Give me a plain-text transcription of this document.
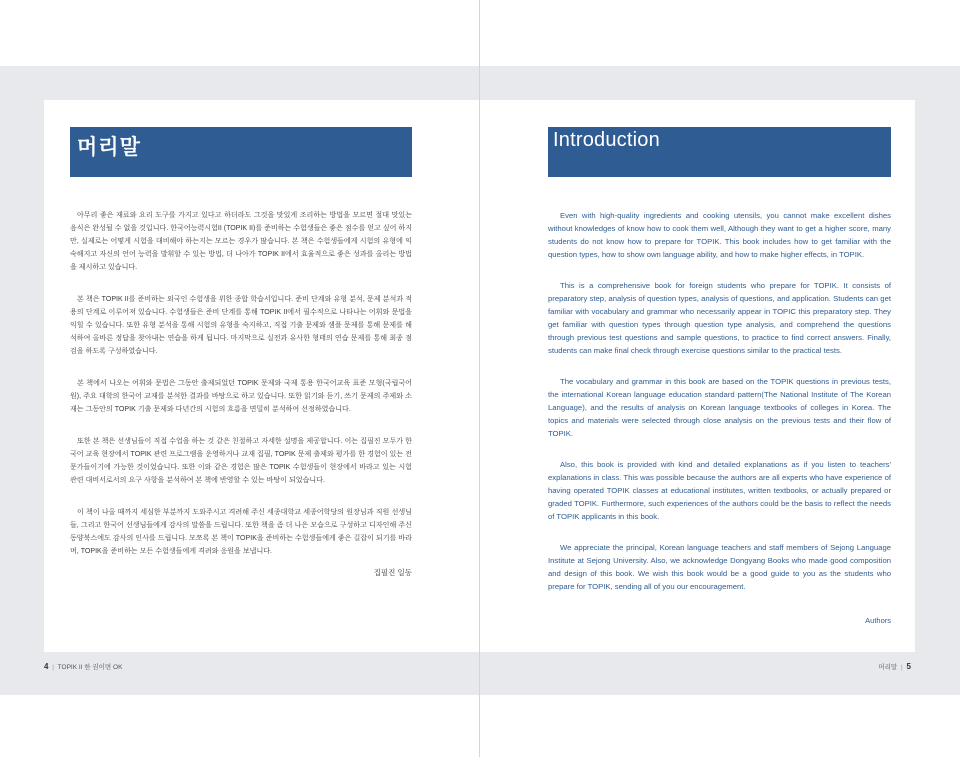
머리말

아무리 좋은 재료와 요리 도구를 가지고 있다고 하더라도 그것을 맛있게 조리하는 방법을 모르면 절대 맛있는 음식은 완성될 수 없을 것입니다. 한국어능력시험II (TOPIK II)를 준비하는 수험생들은 좋은 점수를 얻고 싶어 하지만, 실제로는 어떻게 시험을 대비해야 하는지는 모르는 경우가 많습니다. 본 책은 수험생들에게 시험의 유형에 익숙해지고 자신의 언어 능력을 발휘할 수 있는 방법, 더 나아가 TOPIK II에서 효율적으로 좋은 성과를 올리는 방법을 제시하고 있습니다.

본 책은 TOPIK II를 준비하는 외국인 수험생을 위한 종합 학습서입니다. 준비 단계와 유형 분석, 문제 분석과 적용의 단계로 이루어져 있습니다. 수험생들은 준비 단계를 통해 TOPIK II에서 필수적으로 나타나는 어휘와 문법을 익힐 수 있습니다. 또한 유형 분석을 통해 시험의 유형을 숙지하고, 직접 기출 문제와 샘플 문제를 통해 문제를 해석하여 올바른 정답을 찾아내는 연습을 하게 됩니다. 마지막으로 실전과 유사한 형태의 연습 문제를 통해 최종 점검을 하도록 구성하였습니다.

본 책에서 나오는 어휘와 문법은 그동안 출제되었던 TOPIK 문제와 국제 통용 한국어교육 표준 모형(국립국어원), 주요 대학의 한국어 교재를 분석한 결과를 바탕으로 하고 있습니다. 또한 읽기와 듣기, 쓰기 문제의 주제와 소재는 그동안의 TOPIK 기출 문제와 다년간의 시험의 흐름을 면밀히 분석하여 선정하였습니다.

또한 본 책은 선생님들이 직접 수업을 하는 것 같은 친절하고 자세한 설명을 제공합니다. 이는 집필진 모두가 한국어 교육 현장에서 TOPIK 관련 프로그램을 운영하거나 교재 집필, TOPIK 문제 출제와 평가를 한 경험이 있는 전문가들이기에 가능한 것이었습니다. 또한 이와 같은 경험은 많은 TOPIK 수험생들이 현장에서 바라고 있는 시험 관련 대비서로서의 요구 사항을 분석하여 본 책에 반영할 수 있는 바탕이 되었습니다.

이 책이 나올 때까지 세심한 부분까지 도와주시고 격려해 주신 세종대학교 세종어학당의 원장님과 직원 선생님들, 그리고 한국어 선생님들에게 감사의 말씀을 드립니다. 또한 책을 좀 더 나은 모습으로 구성하고 디자인해 주신 동양북스에도 감사의 인사를 드립니다. 모쪼록 본 책이 TOPIK을 준비하는 수험생들에게 좋은 길잡이 되기를 바라며, TOPIK을 준비하는 모든 수험생들에게 격려와 응원을 보냅니다.

집필진 일동
Introduction

Even with high-quality ingredients and cooking utensils, you cannot make excellent dishes without knowledges of know how to cook them well, Although they want to get a higher score, many students do not know how to prepare for TOPIK. This book includes how to get familiar with the question types, how to show own language ability, and how to make higher effects, in TOPIK.

This is a comprehensive book for foreign students who prepare for TOPIK. It consists of preparatory step, analysis of question types, analysis of questions, and application. Students can get familiar with vocabulary and grammar who necessarily appear in TOPIC this preparatory step. They get familiar with question types through question type analysis, and comprehend the questions through previous test questions and sample questions, to practice to find correct answers. Finally, students can make final check through exercise questions similar to the practical tests.

The vocabulary and grammar in this book are based on the TOPIK questions in previous tests, the international Korean language education standard pattern(The National Institute of The Korean Language), and the results of analysis on Korean language textbooks of colleges in Korea. The topics and materials were selected through close analysis on the previous tests and their flow of TOPIK.

Also, this book is provided with kind and detailed explanations as if you listen to teachers' explanations in class. This was possible because the authors are all experts who have experience of having operated TOPIK classes at educational institutes, written textbooks, or actually prepared or graded TOPIK. Furthermore, such experiences of the authors could be the basis to reflect the needs of TOPIK applicants in this book.

We appreciate the principal, Korean language teachers and staff members of Sejong Language Institute at Sejong University. Also, we acknowledge Dongyang Books who made good composition and design of this book. We wish this book would be a good guide to you as the students who prepare for TOPIK, sending all of you our encouragement.

Authors
4 | TOPIK II 한 권이면 OK	머리말 | 5
